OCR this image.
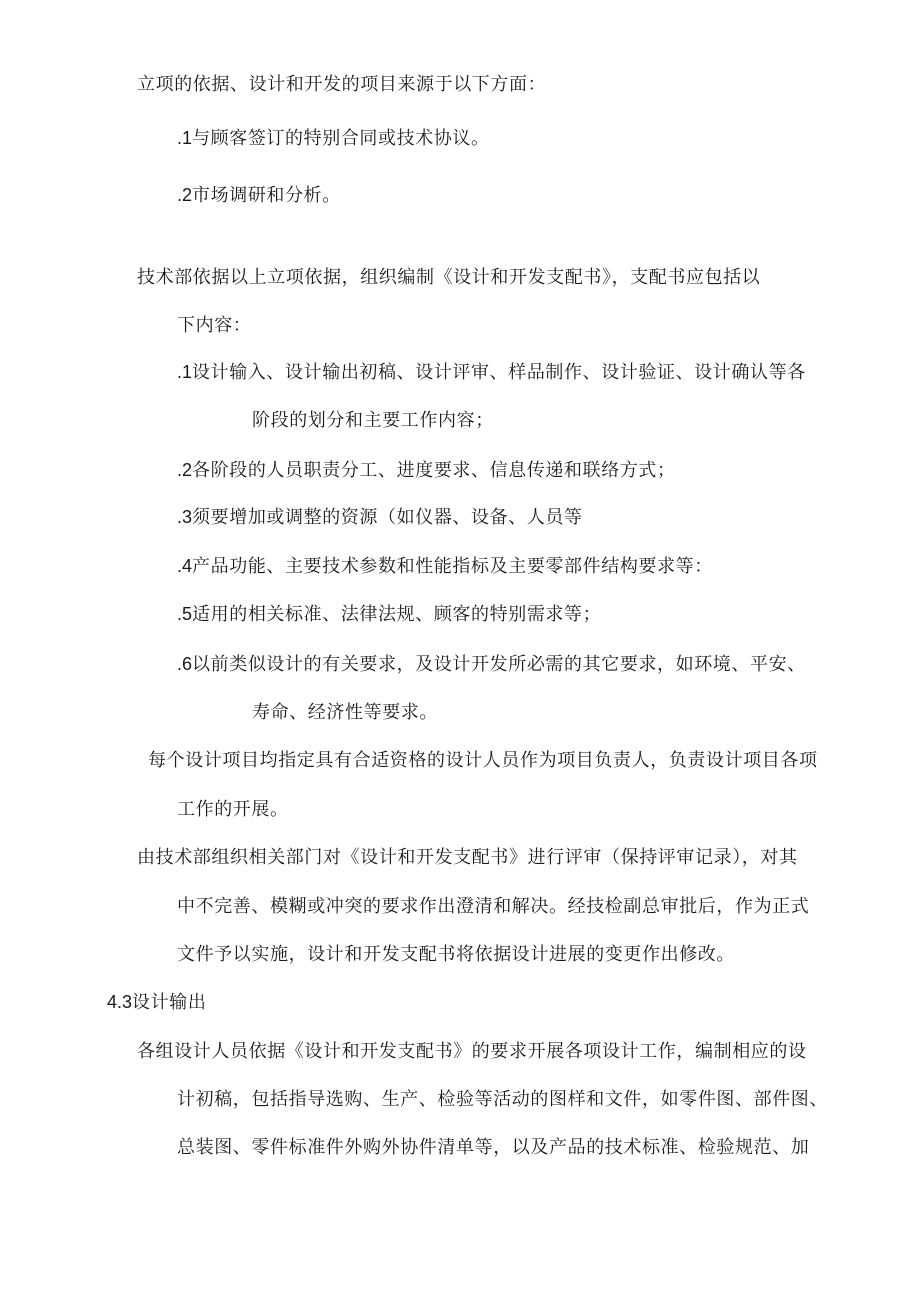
立项的依据、设计和开发的项目来源于以下方面：
.1与顾客签订的特别合同或技术协议。
.2市场调研和分析。
技术部依据以上立项依据，组织编制《设计和开发支配书》，支配书应包括以
下内容：
.1设计输入、设计输出初稿、设计评审、样品制作、设计验证、设计确认等各
阶段的划分和主要工作内容；
.2各阶段的人员职责分工、进度要求、信息传递和联络方式；
.3须要增加或调整的资源（如仪器、设备、人员等
.4产品功能、主要技术参数和性能指标及主要零部件结构要求等：
.5适用的相关标准、法律法规、顾客的特别需求等；
.6以前类似设计的有关要求，及设计开发所必需的其它要求，如环境、平安、
寿命、经济性等要求。
每个设计项目均指定具有合适资格的设计人员作为项目负责人，负责设计项目各项
工作的开展。
由技术部组织相关部门对《设计和开发支配书》进行评审（保持评审记录），对其
中不完善、模糊或冲突的要求作出澄清和解决。经技检副总审批后，作为正式
文件予以实施，设计和开发支配书将依据设计进展的变更作出修改。
4.3设计输出
各组设计人员依据《设计和开发支配书》的要求开展各项设计工作，编制相应的设
计初稿，包括指导选购、生产、检验等活动的图样和文件，如零件图、部件图、
总装图、零件标准件外购外协件清单等，以及产品的技术标准、检验规范、加
